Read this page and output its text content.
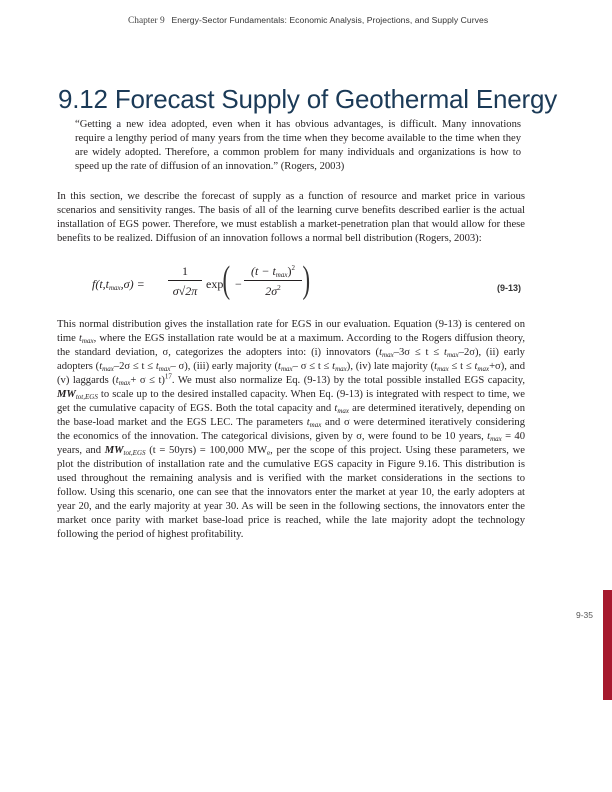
Chapter 9 Energy-Sector Fundamentals: Economic Analysis, Projections, and Supply Curves
9.12 Forecast Supply of Geothermal Energy

“Getting a new idea adopted, even when it has obvious advantages, is difficult. Many innovations require a lengthy period of many years from the time when they become available to the time when they are widely adopted. Therefore, a common problem for many individuals and organizations is how to speed up the rate of diffusion of an innovation.” (Rogers, 2003)

In this section, we describe the forecast of supply as a function of resource and market price in various scenarios and sensitivity ranges. The basis of all of the learning curve benefits described earlier is the actual installation of EGS power. Therefore, we must establish a market-penetration plan that would allow for these benefits to be realized. Diffusion of an innovation follows a normal bell distribution (Rogers, 2003):

$f(t,t_{max},\sigma)$ =
1
σ√2π exp ( −
$(t - t_{max})^2$
$2\sigma^2$ )	(9-13)

This normal distribution gives the installation rate for EGS in our evaluation. Equation (9-13) is centered on time $t_{max}$, where the EGS installation rate would be at a maximum. According to the Rogers diffusion theory, the standard deviation, σ, categorizes the adopters into: (i) innovators $(t_{max}-3\sigma \le t \le t_{max}-2\sigma)$, (ii) early adopters ($t_{max}-2\sigma \le t \le t_{max}-$ σ), (iii) early majority ($t_{max}-$ $\sigma \le t \le t_{max}$), (iv) late majority $(t_{max} \le t \le t_{max}+\sigma)$, and (v) laggards $(t_{max}+ \sigma \le t)^{17}$. We must also normalize Eq. (9-13) by the total possible installed EGS capacity, $MW_{tot,EGS}$ to scale up to the desired installed capacity. When Eq. (9-13) is integrated with respect to time, we get the cumulative capacity of EGS. Both the total capacity and $t_{max}$ are determined iteratively, depending on the base-load market and the EGS LEC. The parameters $t_{max}$ and σ were determined iteratively considering the economics of the innovation. The categorical divisions, given by σ, were found to be 10 years, $t_{max} = 40$ years, and $MW_{tot,EGS}$ (t = 50yrs) = 100,000 $MW_e$, per the scope of this project. Using these parameters, we plot the distribution of installation rate and the cumulative EGS capacity in Figure 9.16. This distribution is used throughout the remaining analysis and is verified with the market considerations in the sections to follow. Using this scenario, one can see that the innovators enter the market at year 10, the early adopters at year 20, and the early majority at year 30. As will be seen in the following sections, the innovators enter the market once parity with market base-load price is reached, while the late majority adopt the technology following the period of highest profitability.

9-35
